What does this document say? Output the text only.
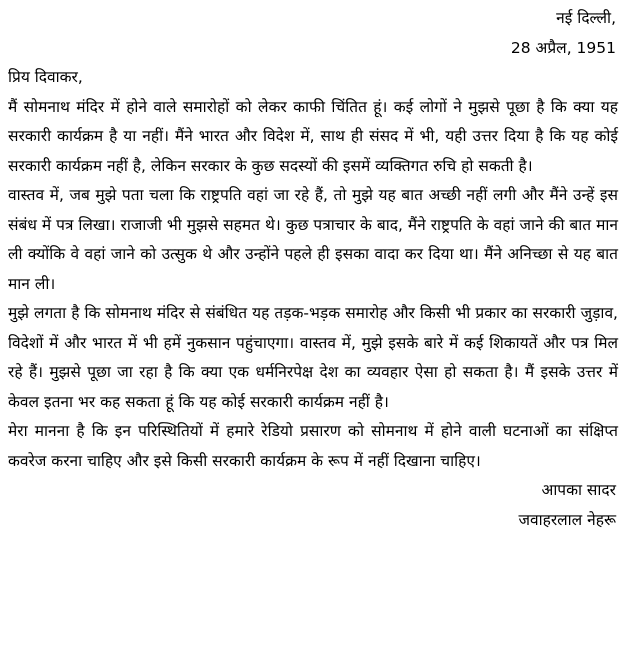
नई दिल्ली,
28 अप्रैल, 1951

प्रिय दिवाकर,

मैं सोमनाथ मंदिर में होने वाले समारोहों को लेकर काफी चिंतित हूं। कई लोगों ने मुझसे पूछा है कि क्या यह सरकारी कार्यक्रम है या नहीं। मैंने भारत और विदेश में, साथ ही संसद में भी, यही उत्तर दिया है कि यह कोई सरकारी कार्यक्रम नहीं है, लेकिन सरकार के कुछ सदस्यों की इसमें व्यक्तिगत रुचि हो सकती है।

वास्तव में, जब मुझे पता चला कि राष्ट्रपति वहां जा रहे हैं, तो मुझे यह बात अच्छी नहीं लगी और मैंने उन्हें इस संबंध में पत्र लिखा। राजाजी भी मुझसे सहमत थे। कुछ पत्राचार के बाद, मैंने राष्ट्रपति के वहां जाने की बात मान ली क्योंकि वे वहां जाने को उत्सुक थे और उन्होंने पहले ही इसका वादा कर दिया था। मैंने अनिच्छा से यह बात मान ली।

मुझे लगता है कि सोमनाथ मंदिर से संबंधित यह तड़क-भड़क समारोह और किसी भी प्रकार का सरकारी जुड़ाव, विदेशों में और भारत में भी हमें नुकसान पहुंचाएगा। वास्तव में, मुझे इसके बारे में कई शिकायतें और पत्र मिल रहे हैं। मुझसे पूछा जा रहा है कि क्या एक धर्मनिरपेक्ष देश का व्यवहार ऐसा हो सकता है। मैं इसके उत्तर में केवल इतना भर कह सकता हूं कि यह कोई सरकारी कार्यक्रम नहीं है।

मेरा मानना है कि इन परिस्थितियों में हमारे रेडियो प्रसारण को सोमनाथ में होने वाली घटनाओं का संक्षिप्त कवरेज करना चाहिए और इसे किसी सरकारी कार्यक्रम के रूप में नहीं दिखाना चाहिए।

आपका सादर
जवाहरलाल नेहरू
